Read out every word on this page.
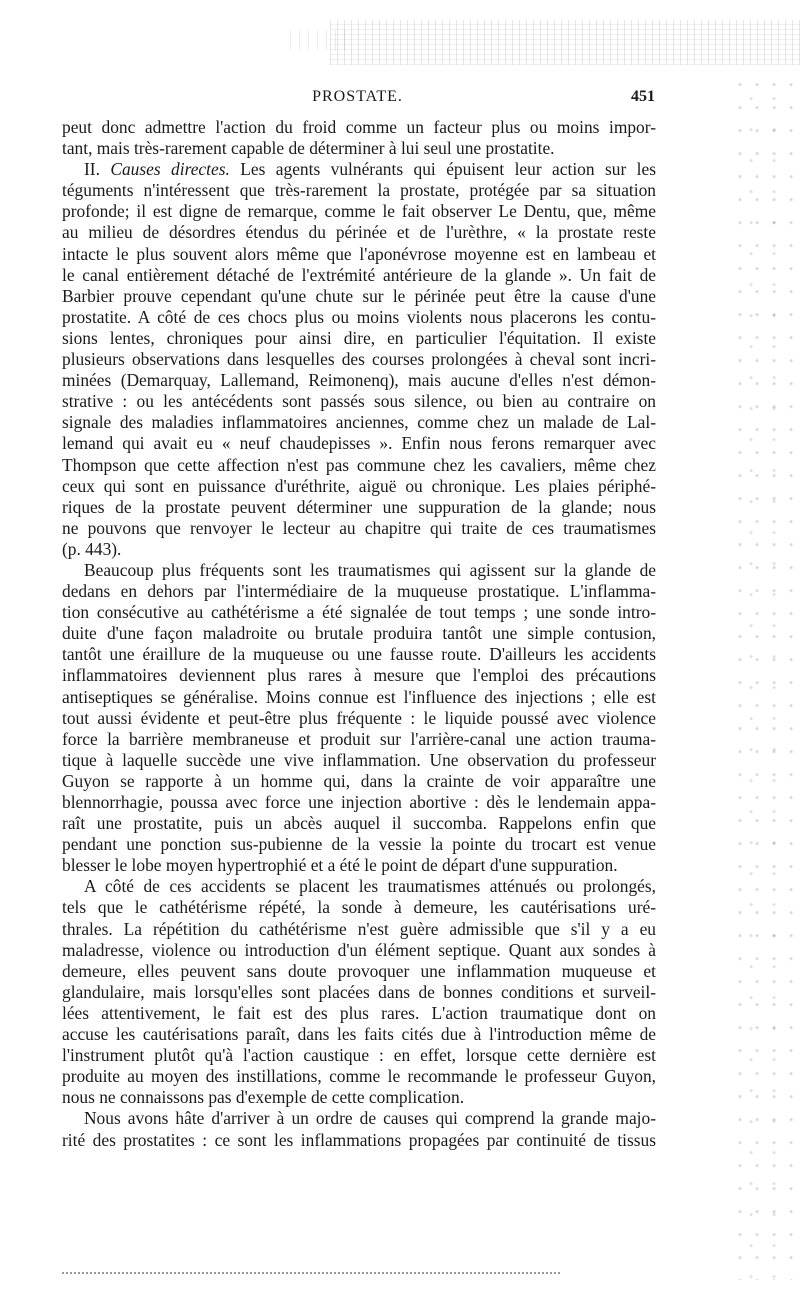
PROSTATE.	451
peut donc admettre l'action du froid comme un facteur plus ou moins impor-
tant, mais très-rarement capable de déterminer à lui seul une prostatite.
II. Causes directes. Les agents vulnérants qui épuisent leur action sur les
téguments n'intéressent que très-rarement la prostate, protégée par sa situation
profonde; il est digne de remarque, comme le fait observer Le Dentu, que, même
au milieu de désordres étendus du périnée et de l'urèthre, « la prostate reste
intacte le plus souvent alors même que l'aponévrose moyenne est en lambeau et
le canal entièrement détaché de l'extrémité antérieure de la glande ». Un fait de
Barbier prouve cependant qu'une chute sur le périnée peut être la cause d'une
prostatite. A côté de ces chocs plus ou moins violents nous placerons les contu-
sions lentes, chroniques pour ainsi dire, en particulier l'équitation. Il existe
plusieurs observations dans lesquelles des courses prolongées à cheval sont incri-
minées (Demarquay, Lallemand, Reimonenq), mais aucune d'elles n'est démon-
strative : ou les antécédents sont passés sous silence, ou bien au contraire on
signale des maladies inflammatoires anciennes, comme chez un malade de Lal-
lemand qui avait eu « neuf chaudepisses ». Enfin nous ferons remarquer avec
Thompson que cette affection n'est pas commune chez les cavaliers, même chez
ceux qui sont en puissance d'uréthrite, aiguë ou chronique. Les plaies périphé-
riques de la prostate peuvent déterminer une suppuration de la glande; nous
ne pouvons que renvoyer le lecteur au chapitre qui traite de ces traumatismes
(p. 443).
Beaucoup plus fréquents sont les traumatismes qui agissent sur la glande de
dedans en dehors par l'intermédiaire de la muqueuse prostatique. L'inflamma-
tion consécutive au cathétérisme a été signalée de tout temps ; une sonde intro-
duite d'une façon maladroite ou brutale produira tantôt une simple contusion,
tantôt une éraillure de la muqueuse ou une fausse route. D'ailleurs les accidents
inflammatoires deviennent plus rares à mesure que l'emploi des précautions
antiseptiques se généralise. Moins connue est l'influence des injections ; elle est
tout aussi évidente et peut-être plus fréquente : le liquide poussé avec violence
force la barrière membraneuse et produit sur l'arrière-canal une action trauma-
tique à laquelle succède une vive inflammation. Une observation du professeur
Guyon se rapporte à un homme qui, dans la crainte de voir apparaître une
blennorrhagie, poussa avec force une injection abortive : dès le lendemain appa-
raît une prostatite, puis un abcès auquel il succomba. Rappelons enfin que
pendant une ponction sus-pubienne de la vessie la pointe du trocart est venue
blesser le lobe moyen hypertrophié et a été le point de départ d'une suppuration.
A côté de ces accidents se placent les traumatismes atténués ou prolongés,
tels que le cathétérisme répété, la sonde à demeure, les cautérisations uré-
thrales. La répétition du cathétérisme n'est guère admissible que s'il y a eu
maladresse, violence ou introduction d'un élément septique. Quant aux sondes à
demeure, elles peuvent sans doute provoquer une inflammation muqueuse et
glandulaire, mais lorsqu'elles sont placées dans de bonnes conditions et surveil-
lées attentivement, le fait est des plus rares. L'action traumatique dont on
accuse les cautérisations paraît, dans les faits cités due à l'introduction même de
l'instrument plutôt qu'à l'action caustique : en effet, lorsque cette dernière est
produite au moyen des instillations, comme le recommande le professeur Guyon,
nous ne connaissons pas d'exemple de cette complication.
Nous avons hâte d'arriver à un ordre de causes qui comprend la grande majo-
rité des prostatites : ce sont les inflammations propagées par continuité de tissus
